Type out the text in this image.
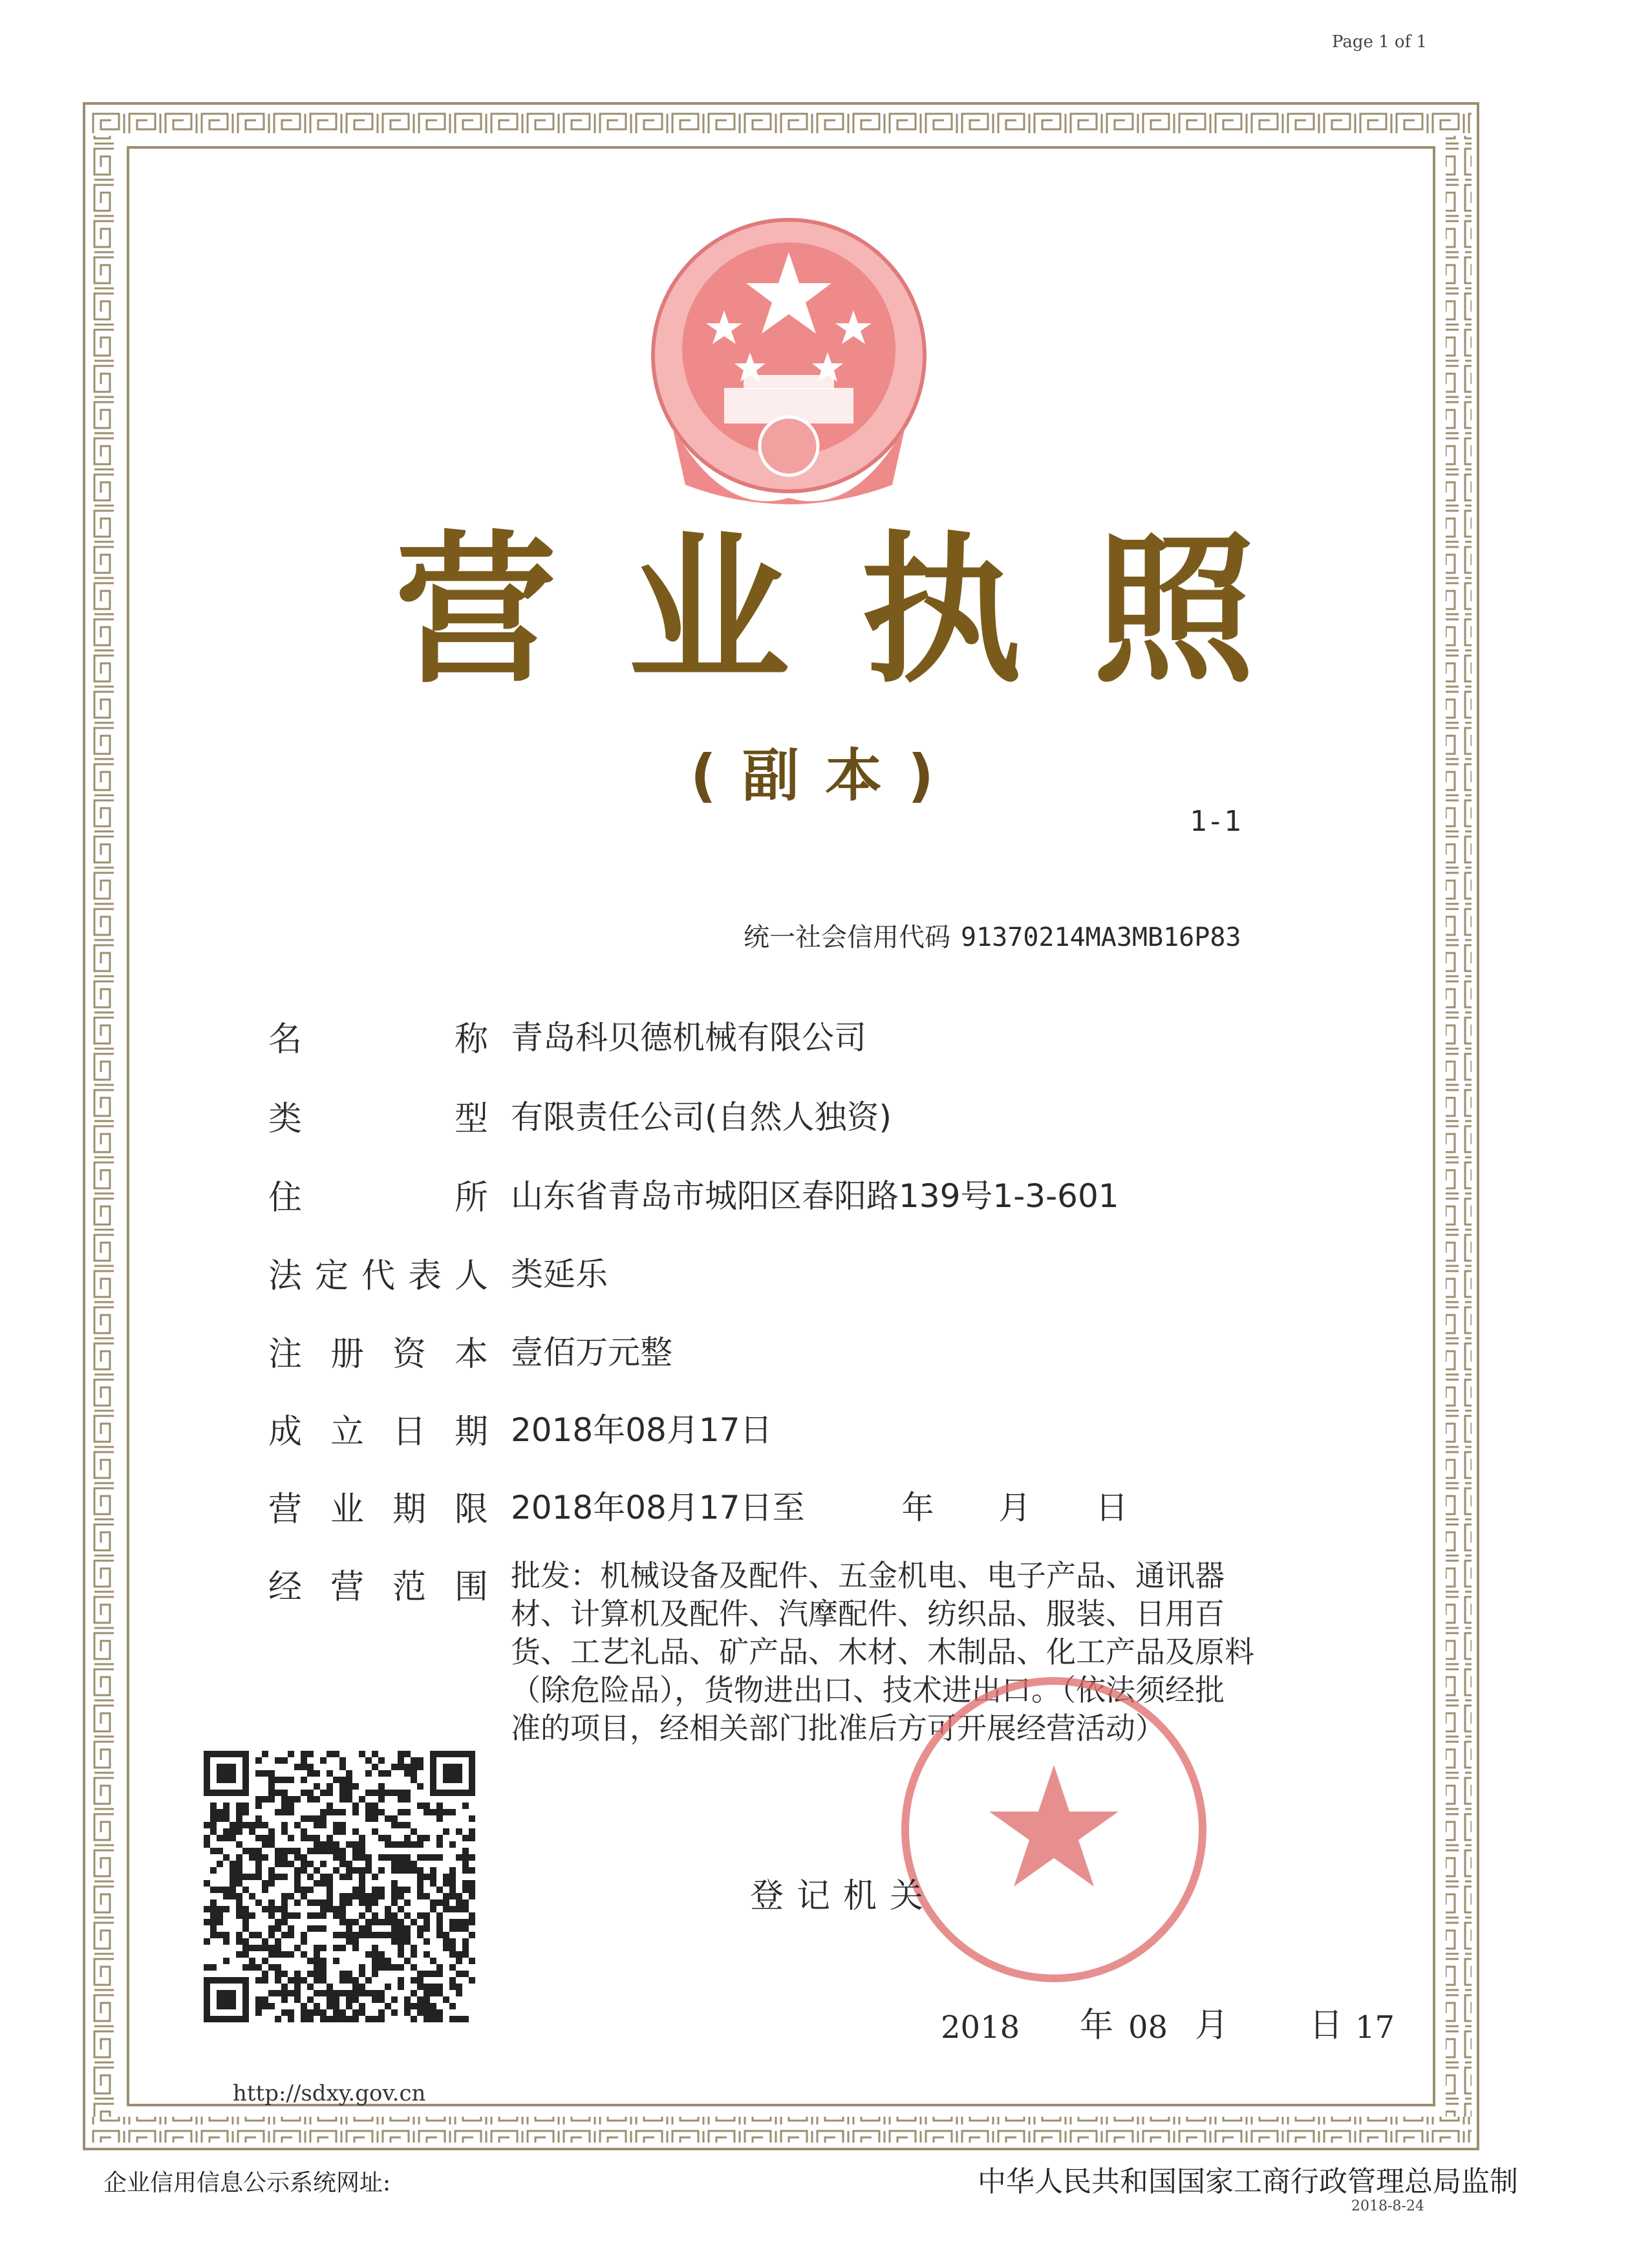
Page 1 of 1
营业执照
(副本)
1-1
统一社会信用代码 91370214MA3MB16P83
名	称 青岛科贝德机械有限公司
类	型 有限责任公司(自然人独资)
住	所 山东省青岛市城阳区春阳路139号1-3-601
法 定 代 表 人 类延乐
注 册 资 本 壹佰万元整
成 立 日 期 2018年08月17日
营 业 期 限 2018年08月17日至　　　年　　月　　日
经 营 范 围 批发：机械设备及配件、五金机电、电子产品、通讯器
材、计算机及配件、汽摩配件、纺织品、服装、日用百
货、工艺礼品、矿产品、木材、木制品、化工产品及原料
（除危险品），货物进出口、技术进出口。（依法须经批
准的项目，经相关部门批准后方可开展经营活动）
登记机关
年 月 日
2018	08	17
http://sdxy.gov.cn
企业信用信息公示系统网址:	中华人民共和国国家工商行政管理总局监制
2018-8-24
